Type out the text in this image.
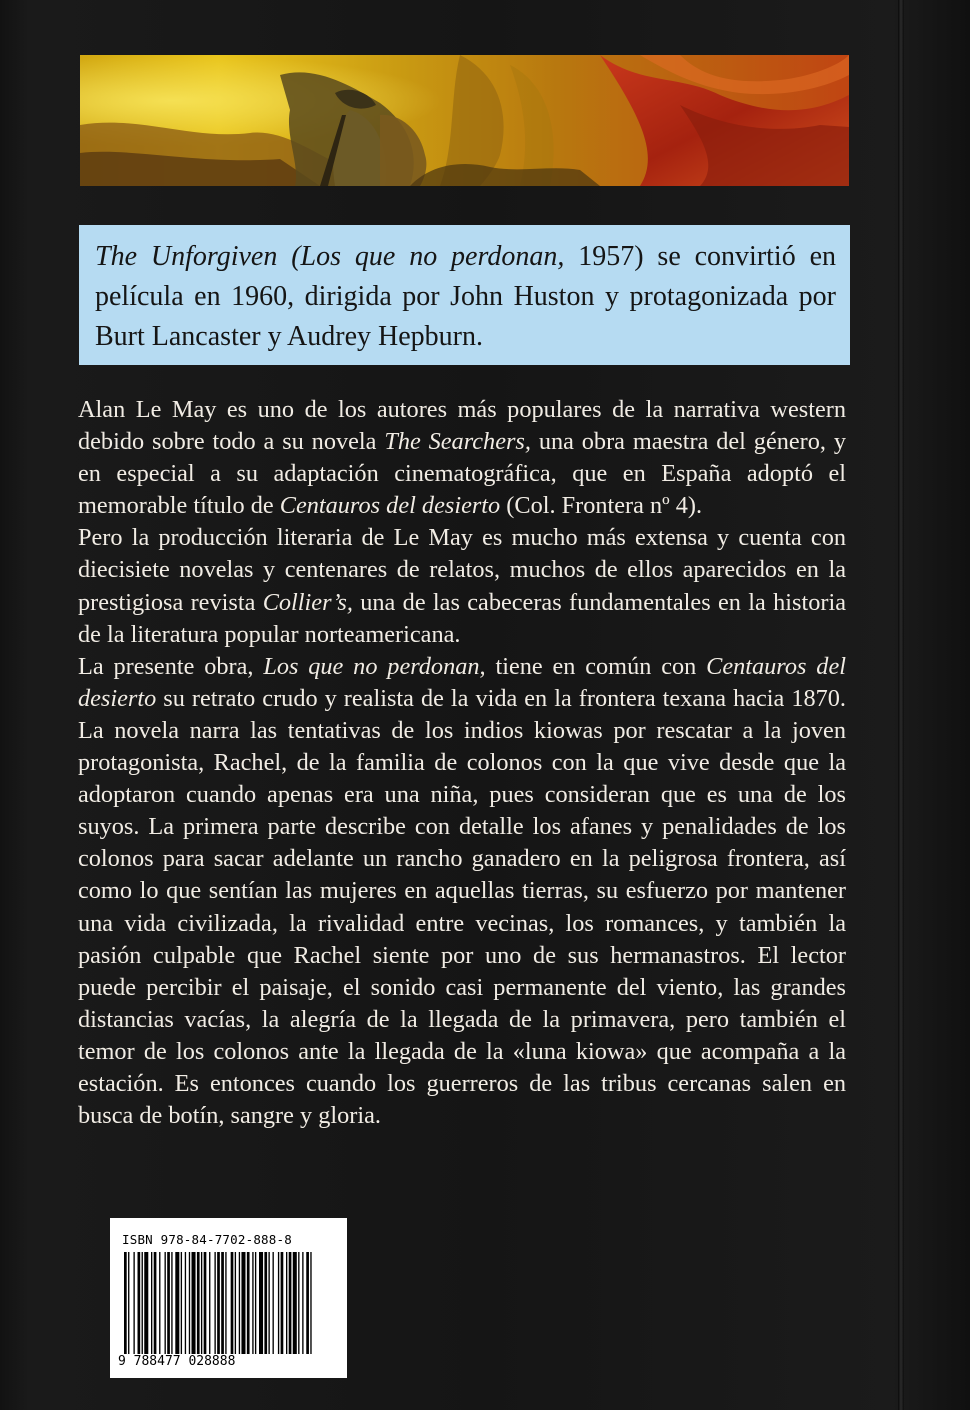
The Unforgiven (Los que no perdonan, 1957) se convirtió en película en 1960, dirigida por John Huston y protagonizada por Burt Lancaster y Audrey Hepburn.

Alan Le May es uno de los autores más populares de la narrativa western debido sobre todo a su novela The Searchers, una obra maestra del género, y en especial a su adaptación cinematográfica, que en España adoptó el memorable título de Centauros del desierto (Col. Frontera nº 4).

Pero la producción literaria de Le May es mucho más extensa y cuenta con diecisiete novelas y centenares de relatos, muchos de ellos aparecidos en la prestigiosa revista Collier’s, una de las cabeceras fundamentales en la historia de la literatura popular norteamericana.

La presente obra, Los que no perdonan, tiene en común con Centauros del desierto su retrato crudo y realista de la vida en la frontera texana hacia 1870. La novela narra las tentativas de los indios kiowas por rescatar a la joven protagonista, Rachel, de la familia de colonos con la que vive desde que la adoptaron cuando apenas era una niña, pues consideran que es una de los suyos. La primera parte describe con detalle los afanes y penalidades de los colonos para sacar adelante un rancho ganadero en la peligrosa frontera, así como lo que sentían las mujeres en aquellas tierras, su esfuerzo por mantener una vida civilizada, la rivalidad entre vecinas, los romances, y también la pasión culpable que Rachel siente por uno de sus hermanastros. El lector puede percibir el paisaje, el sonido casi permanente del viento, las grandes distancias vacías, la alegría de la llegada de la primavera, pero también el temor de los colonos ante la llegada de la «luna kiowa» que acompaña a la estación. Es entonces cuando los guerreros de las tribus cercanas salen en busca de botín, sangre y gloria.

ISBN 978-84-7702-888-8
9 788477 028888
